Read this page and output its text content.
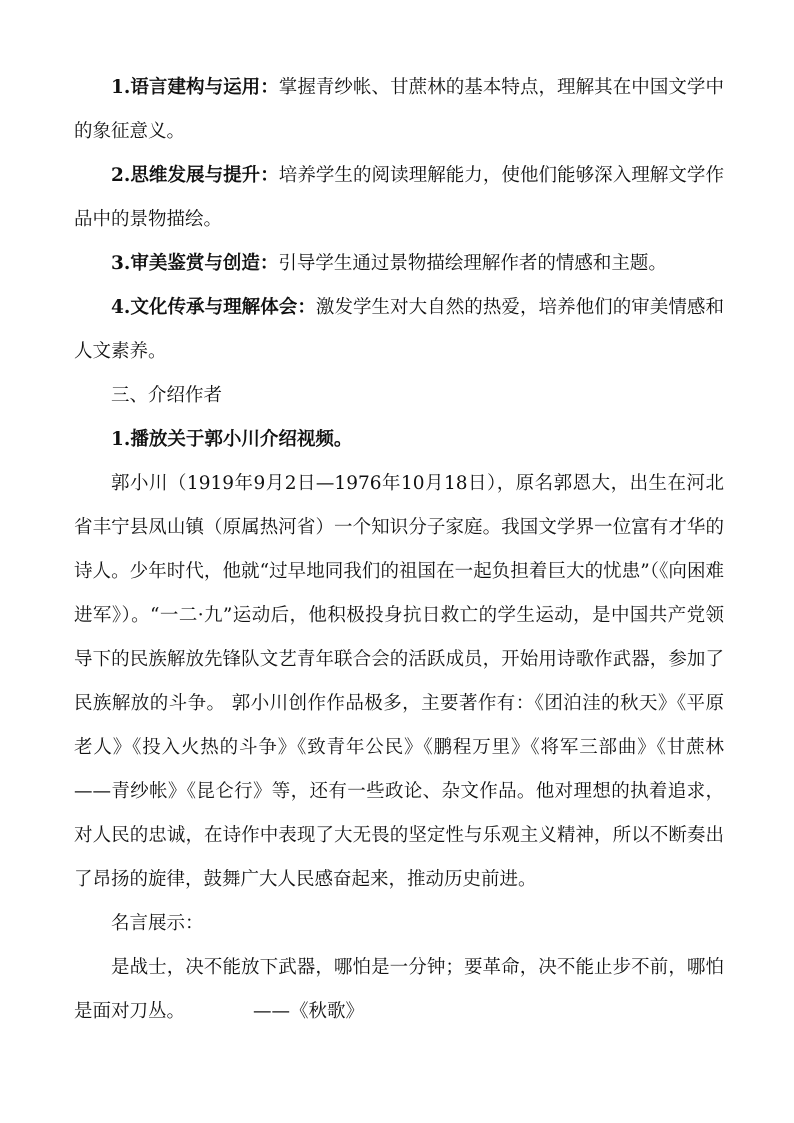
1.语言建构与运用：掌握青纱帐、甘蔗林的基本特点，理解其在中国文学中的象征意义。

2.思维发展与提升：培养学生的阅读理解能力，使他们能够深入理解文学作品中的景物描绘。

3.审美鉴赏与创造：引导学生通过景物描绘理解作者的情感和主题。

4.文化传承与理解体会：激发学生对大自然的热爱，培养他们的审美情感和人文素养。

三、介绍作者

1.播放关于郭小川介绍视频。

郭小川（1919年9月2日—1976年10月18日），原名郭恩大，出生在河北省丰宁县凤山镇（原属热河省）一个知识分子家庭。我国文学界一位富有才华的诗人。少年时代，他就“过早地同我们的祖国在一起负担着巨大的忧患”（《向困难进军》）。“一二·九”运动后，他积极投身抗日救亡的学生运动，是中国共产党领导下的民族解放先锋队文艺青年联合会的活跃成员，开始用诗歌作武器，参加了民族解放的斗争。 郭小川创作作品极多，主要著作有：《团泊洼的秋天》《平原老人》《投入火热的斗争》《致青年公民》《鹏程万里》《将军三部曲》《甘蔗林——青纱帐》《昆仑行》等，还有一些政论、杂文作品。他对理想的执着追求，对人民的忠诚，在诗作中表现了大无畏的坚定性与乐观主义精神，所以不断奏出了昂扬的旋律，鼓舞广大人民感奋起来，推动历史前进。

名言展示：

是战士，决不能放下武器，哪怕是一分钟；要革命，决不能止步不前，哪怕是面对刀丛。	——《秋歌》
